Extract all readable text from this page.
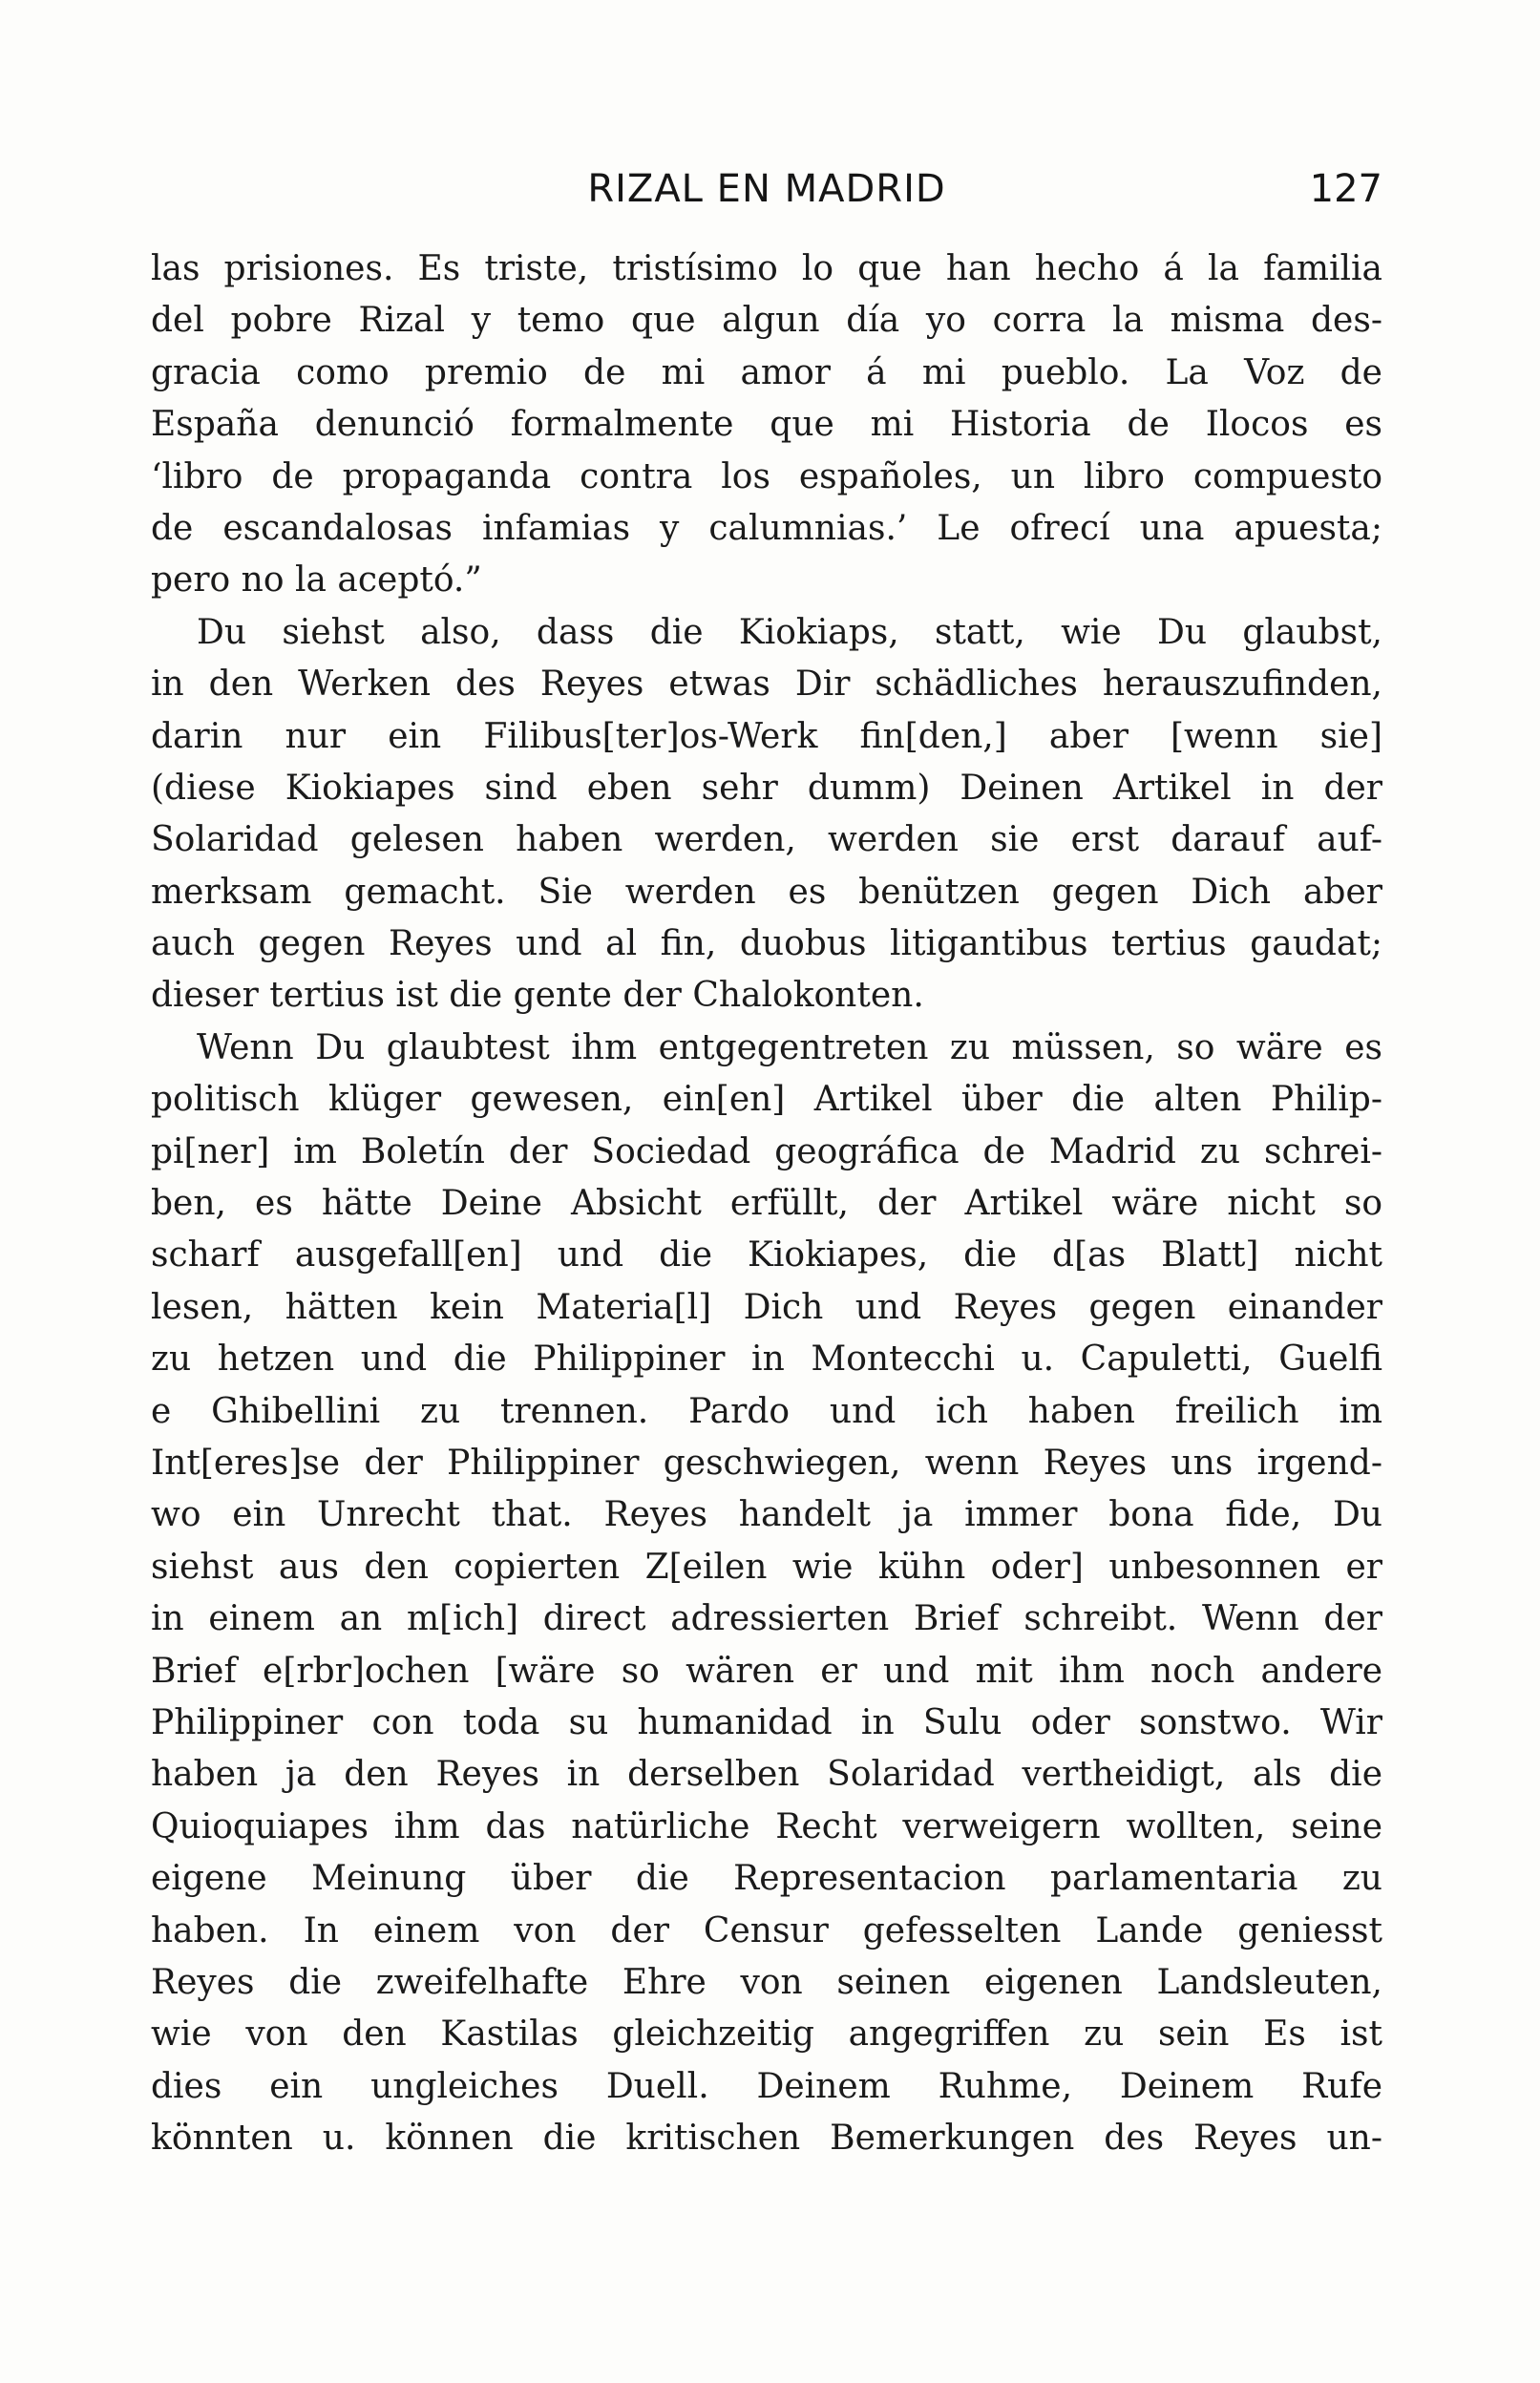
RIZAL EN MADRID	127
las prisiones. Es triste, tristísimo lo que han hecho á la familia
del pobre Rizal y temo que algun día yo corra la misma des-
gracia como premio de mi amor á mi pueblo. La Voz de
España denunció formalmente que mi Historia de Ilocos es
‘libro de propaganda contra los españoles, un libro compuesto
de escandalosas infamias y calumnias.’ Le ofrecí una apuesta;
pero no la aceptó.”
Du siehst also, dass die Kiokiaps, statt, wie Du glaubst,
in den Werken des Reyes etwas Dir schädliches herauszufinden,
darin nur ein Filibus[ter]os-Werk fin[den,] aber [wenn sie]
(diese Kiokiapes sind eben sehr dumm) Deinen Artikel in der
Solaridad gelesen haben werden, werden sie erst darauf auf-
merksam gemacht. Sie werden es benützen gegen Dich aber
auch gegen Reyes und al fin, duobus litigantibus tertius gaudat;
dieser tertius ist die gente der Chalokonten.
Wenn Du glaubtest ihm entgegentreten zu müssen, so wäre es
politisch klüger gewesen, ein[en] Artikel über die alten Philip-
pi[ner] im Boletín der Sociedad geográfica de Madrid zu schrei-
ben, es hätte Deine Absicht erfüllt, der Artikel wäre nicht so
scharf ausgefall[en] und die Kiokiapes, die d[as Blatt] nicht
lesen, hätten kein Materia[l] Dich und Reyes gegen einander
zu hetzen und die Philippiner in Montecchi u. Capuletti, Guelfi
e Ghibellini zu trennen. Pardo und ich haben freilich im
Int[eres]se der Philippiner geschwiegen, wenn Reyes uns irgend-
wo ein Unrecht that. Reyes handelt ja immer bona fide, Du
siehst aus den copierten Z[eilen wie kühn oder] unbesonnen er
in einem an m[ich] direct adressierten Brief schreibt. Wenn der
Brief e[rbr]ochen [wäre so wären er und mit ihm noch andere
Philippiner con toda su humanidad in Sulu oder sonstwo. Wir
haben ja den Reyes in derselben Solaridad vertheidigt, als die
Quioquiapes ihm das natürliche Recht verweigern wollten, seine
eigene Meinung über die Representacion parlamentaria zu
haben. In einem von der Censur gefesselten Lande geniesst
Reyes die zweifelhafte Ehre von seinen eigenen Landsleuten,
wie von den Kastilas gleichzeitig angegriffen zu sein Es ist
dies ein ungleiches Duell. Deinem Ruhme, Deinem Rufe
könnten u. können die kritischen Bemerkungen des Reyes un-
